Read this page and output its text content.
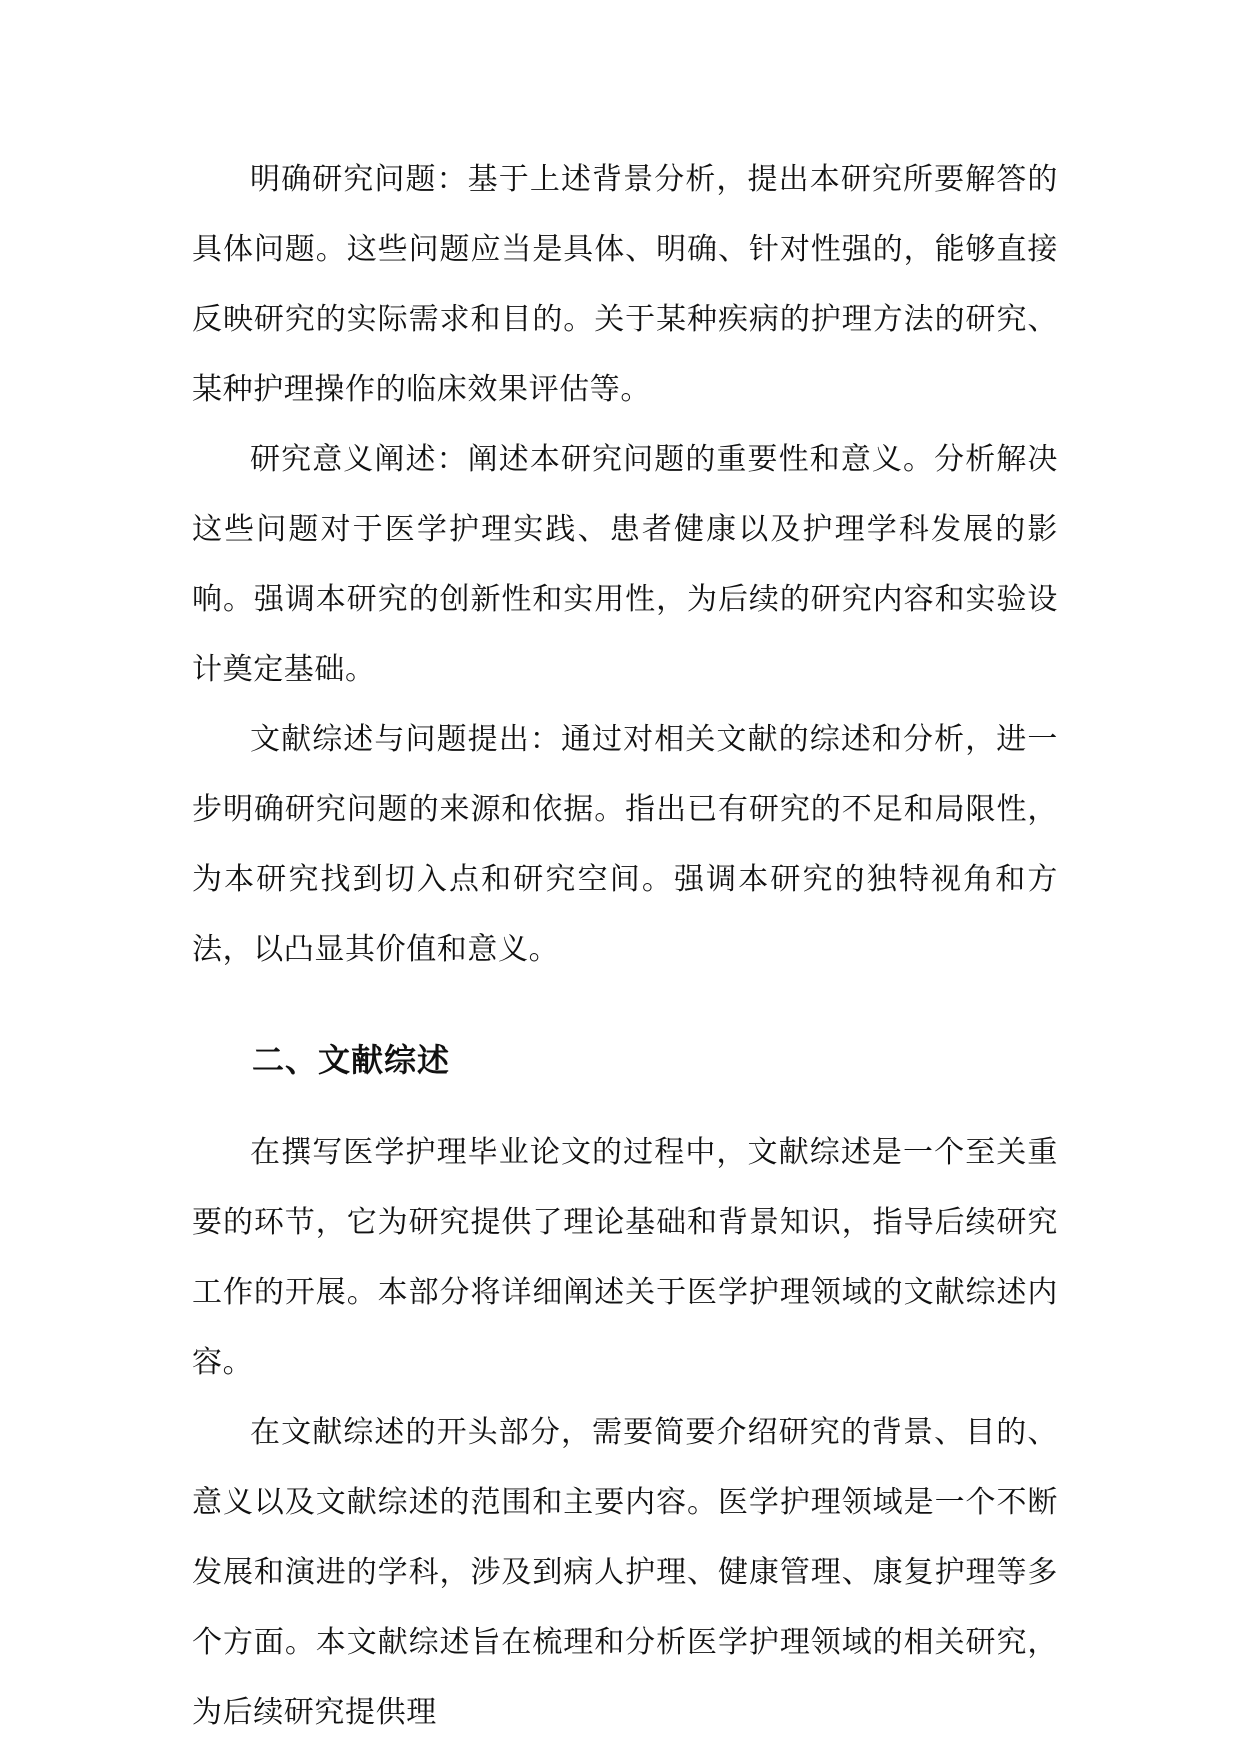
明确研究问题：基于上述背景分析，提出本研究所要解答的具体问题。这些问题应当是具体、明确、针对性强的，能够直接反映研究的实际需求和目的。关于某种疾病的护理方法的研究、某种护理操作的临床效果评估等。

研究意义阐述：阐述本研究问题的重要性和意义。分析解决这些问题对于医学护理实践、患者健康以及护理学科发展的影响。强调本研究的创新性和实用性，为后续的研究内容和实验设计奠定基础。

文献综述与问题提出：通过对相关文献的综述和分析，进一步明确研究问题的来源和依据。指出已有研究的不足和局限性，为本研究找到切入点和研究空间。强调本研究的独特视角和方法，以凸显其价值和意义。

二、文献综述

在撰写医学护理毕业论文的过程中，文献综述是一个至关重要的环节，它为研究提供了理论基础和背景知识，指导后续研究工作的开展。本部分将详细阐述关于医学护理领域的文献综述内容。

在文献综述的开头部分，需要简要介绍研究的背景、目的、意义以及文献综述的范围和主要内容。医学护理领域是一个不断发展和演进的学科，涉及到病人护理、健康管理、康复护理等多个方面。本文献综述旨在梳理和分析医学护理领域的相关研究，为后续研究提供理
